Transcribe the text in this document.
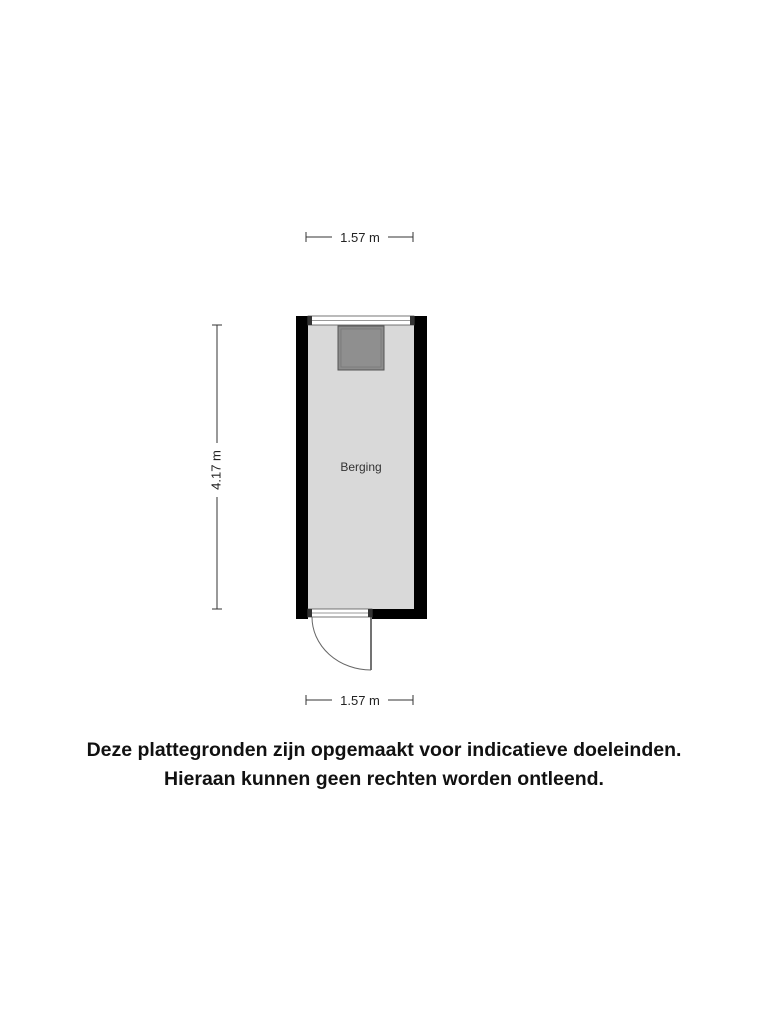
1.57 m
4.17 m	Berging
1.57 m
Deze plattegronden zijn opgemaakt voor indicatieve doeleinden.
Hieraan kunnen geen rechten worden ontleend.
